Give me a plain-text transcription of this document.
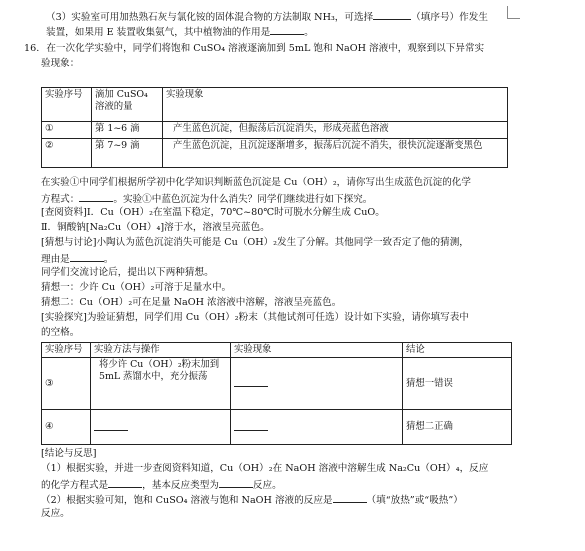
（3）实验室可用加热熟石灰与氯化铵的固体混合物的方法制取 NH₃，可选择	（填序号）作发生
装置，如果用 E 装置收集氨气，其中植物油的作用是	。
16. 在一次化学实验中，同学们将饱和 CuSO₄ 溶液逐滴加到 5mL 饱和 NaOH 溶液中，观察到以下异常实
验现象：
实验序号	滴加 CuSO₄ 溶液的量	实验现象
①	第 1~6 滴	产生蓝色沉淀，但振荡后沉淀消失，形成亮蓝色溶液
②	第 7~9 滴	产生蓝色沉淀，且沉淀逐渐增多，振荡后沉淀不消失，很快沉淀逐渐变黑色
在实验①中同学们根据所学初中化学知识判断蓝色沉淀是 Cu（OH）₂，请你写出生成蓝色沉淀的化学
方程式：	。实验①中蓝色沉淀为什么消失？同学们继续进行如下探究。
[查阅资料]Ⅰ．Cu（OH）₂在室温下稳定，70℃~80℃时可脱水分解生成 CuO。
Ⅱ．铜酸钠[Na₂Cu（OH）₄]溶于水，溶液呈亮蓝色。
[猜想与讨论]小陶认为蓝色沉淀消失可能是 Cu（OH）₂发生了分解。其他同学一致否定了他的猜测，
理由是	。
同学们交流讨论后，提出以下两种猜想。
猜想一：少许 Cu（OH）₂可溶于足量水中。
猜想二：Cu（OH）₂可在足量 NaOH 浓溶液中溶解，溶液呈亮蓝色。
[实验探究]为验证猜想，同学们用 Cu（OH）₂粉末（其他试剂可任选）设计如下实验，请你填写表中
的空格。
实验序号	实验方法与操作	实验现象	结论
③	将少许 Cu（OH）₂粉末加到 5mL 蒸馏水中，充分振荡		猜想一错误
④			猜想二正确
[结论与反思]
（1）根据实验，并进一步查阅资料知道，Cu（OH）₂在 NaOH 溶液中溶解生成 Na₂Cu（OH）₄，反应
的化学方程式是	，基本反应类型为	反应。
（2）根据实验可知，饱和 CuSO₄ 溶液与饱和 NaOH 溶液的反应是	（填“放热”或“吸热”）
反应。
